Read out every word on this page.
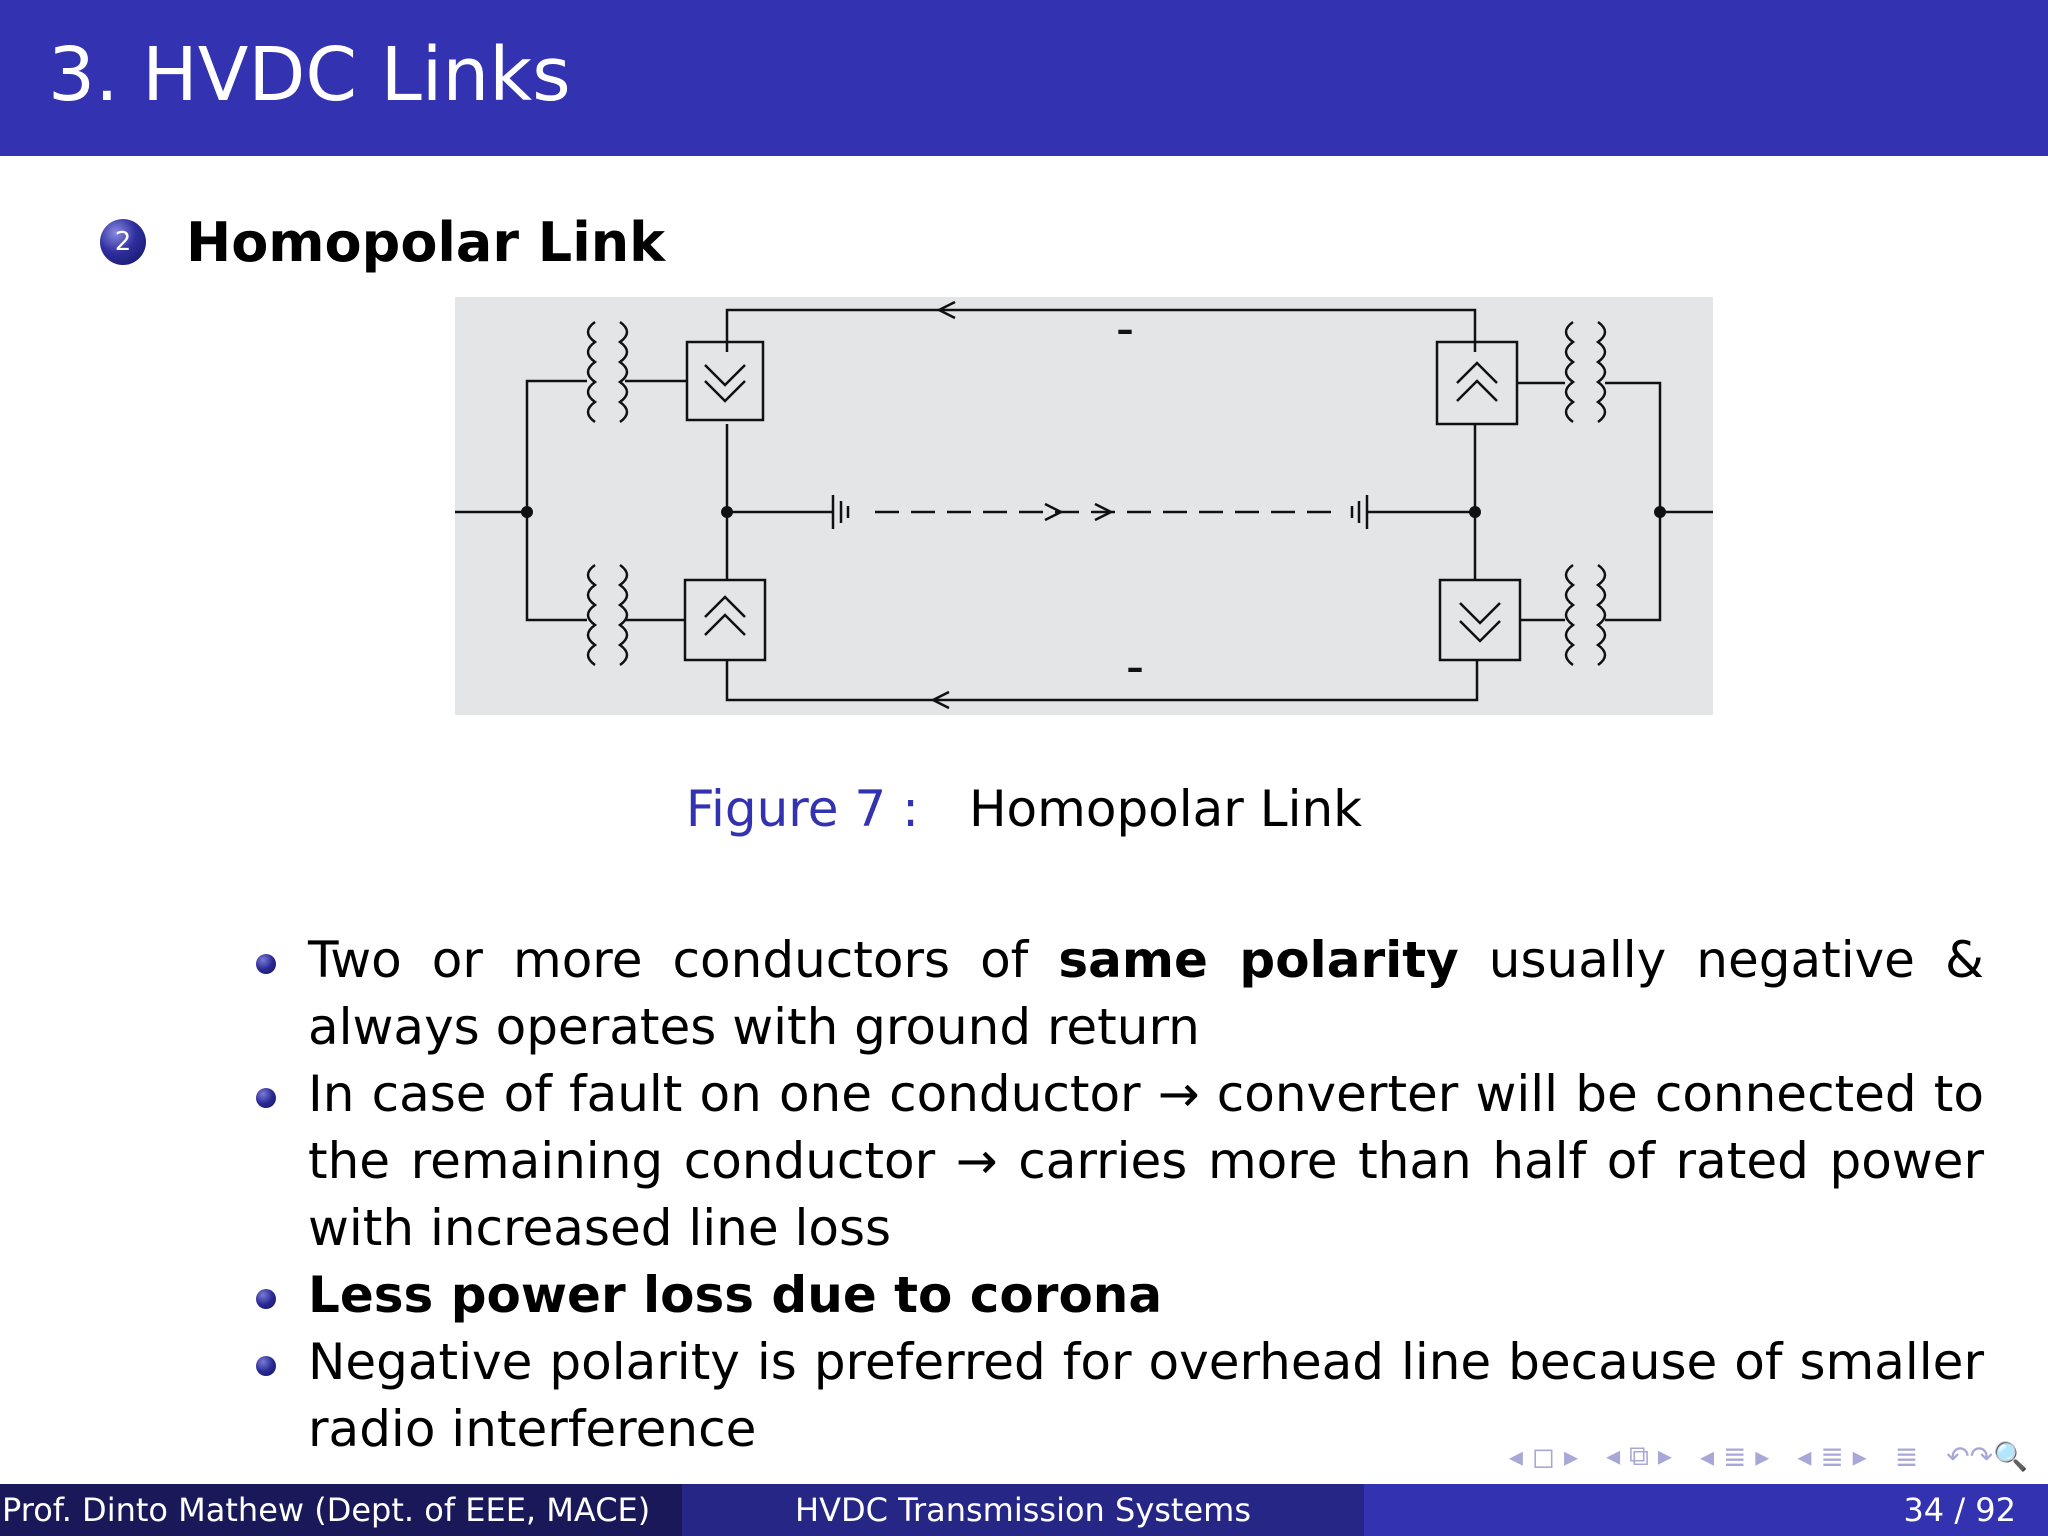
3. HVDC Links
2 Homopolar Link
–
–
Figure 7 : Homopolar Link
Two or more conductors of same polarity usually negative & always operates with ground return
In case of fault on one conductor → converter will be connected to the remaining conductor → carries more than half of rated power with increased line loss
Less power loss due to corona
Negative polarity is preferred for overhead line because of smaller radio interference	◂ ◻ ▸ ◂ ⧉ ▸ ◂ ≣ ▸ ◂ ≣ ▸ ≣ ↶↷🔍
Prof. Dinto Mathew (Dept. of EEE, MACE)	HVDC Transmission Systems	34 / 92
